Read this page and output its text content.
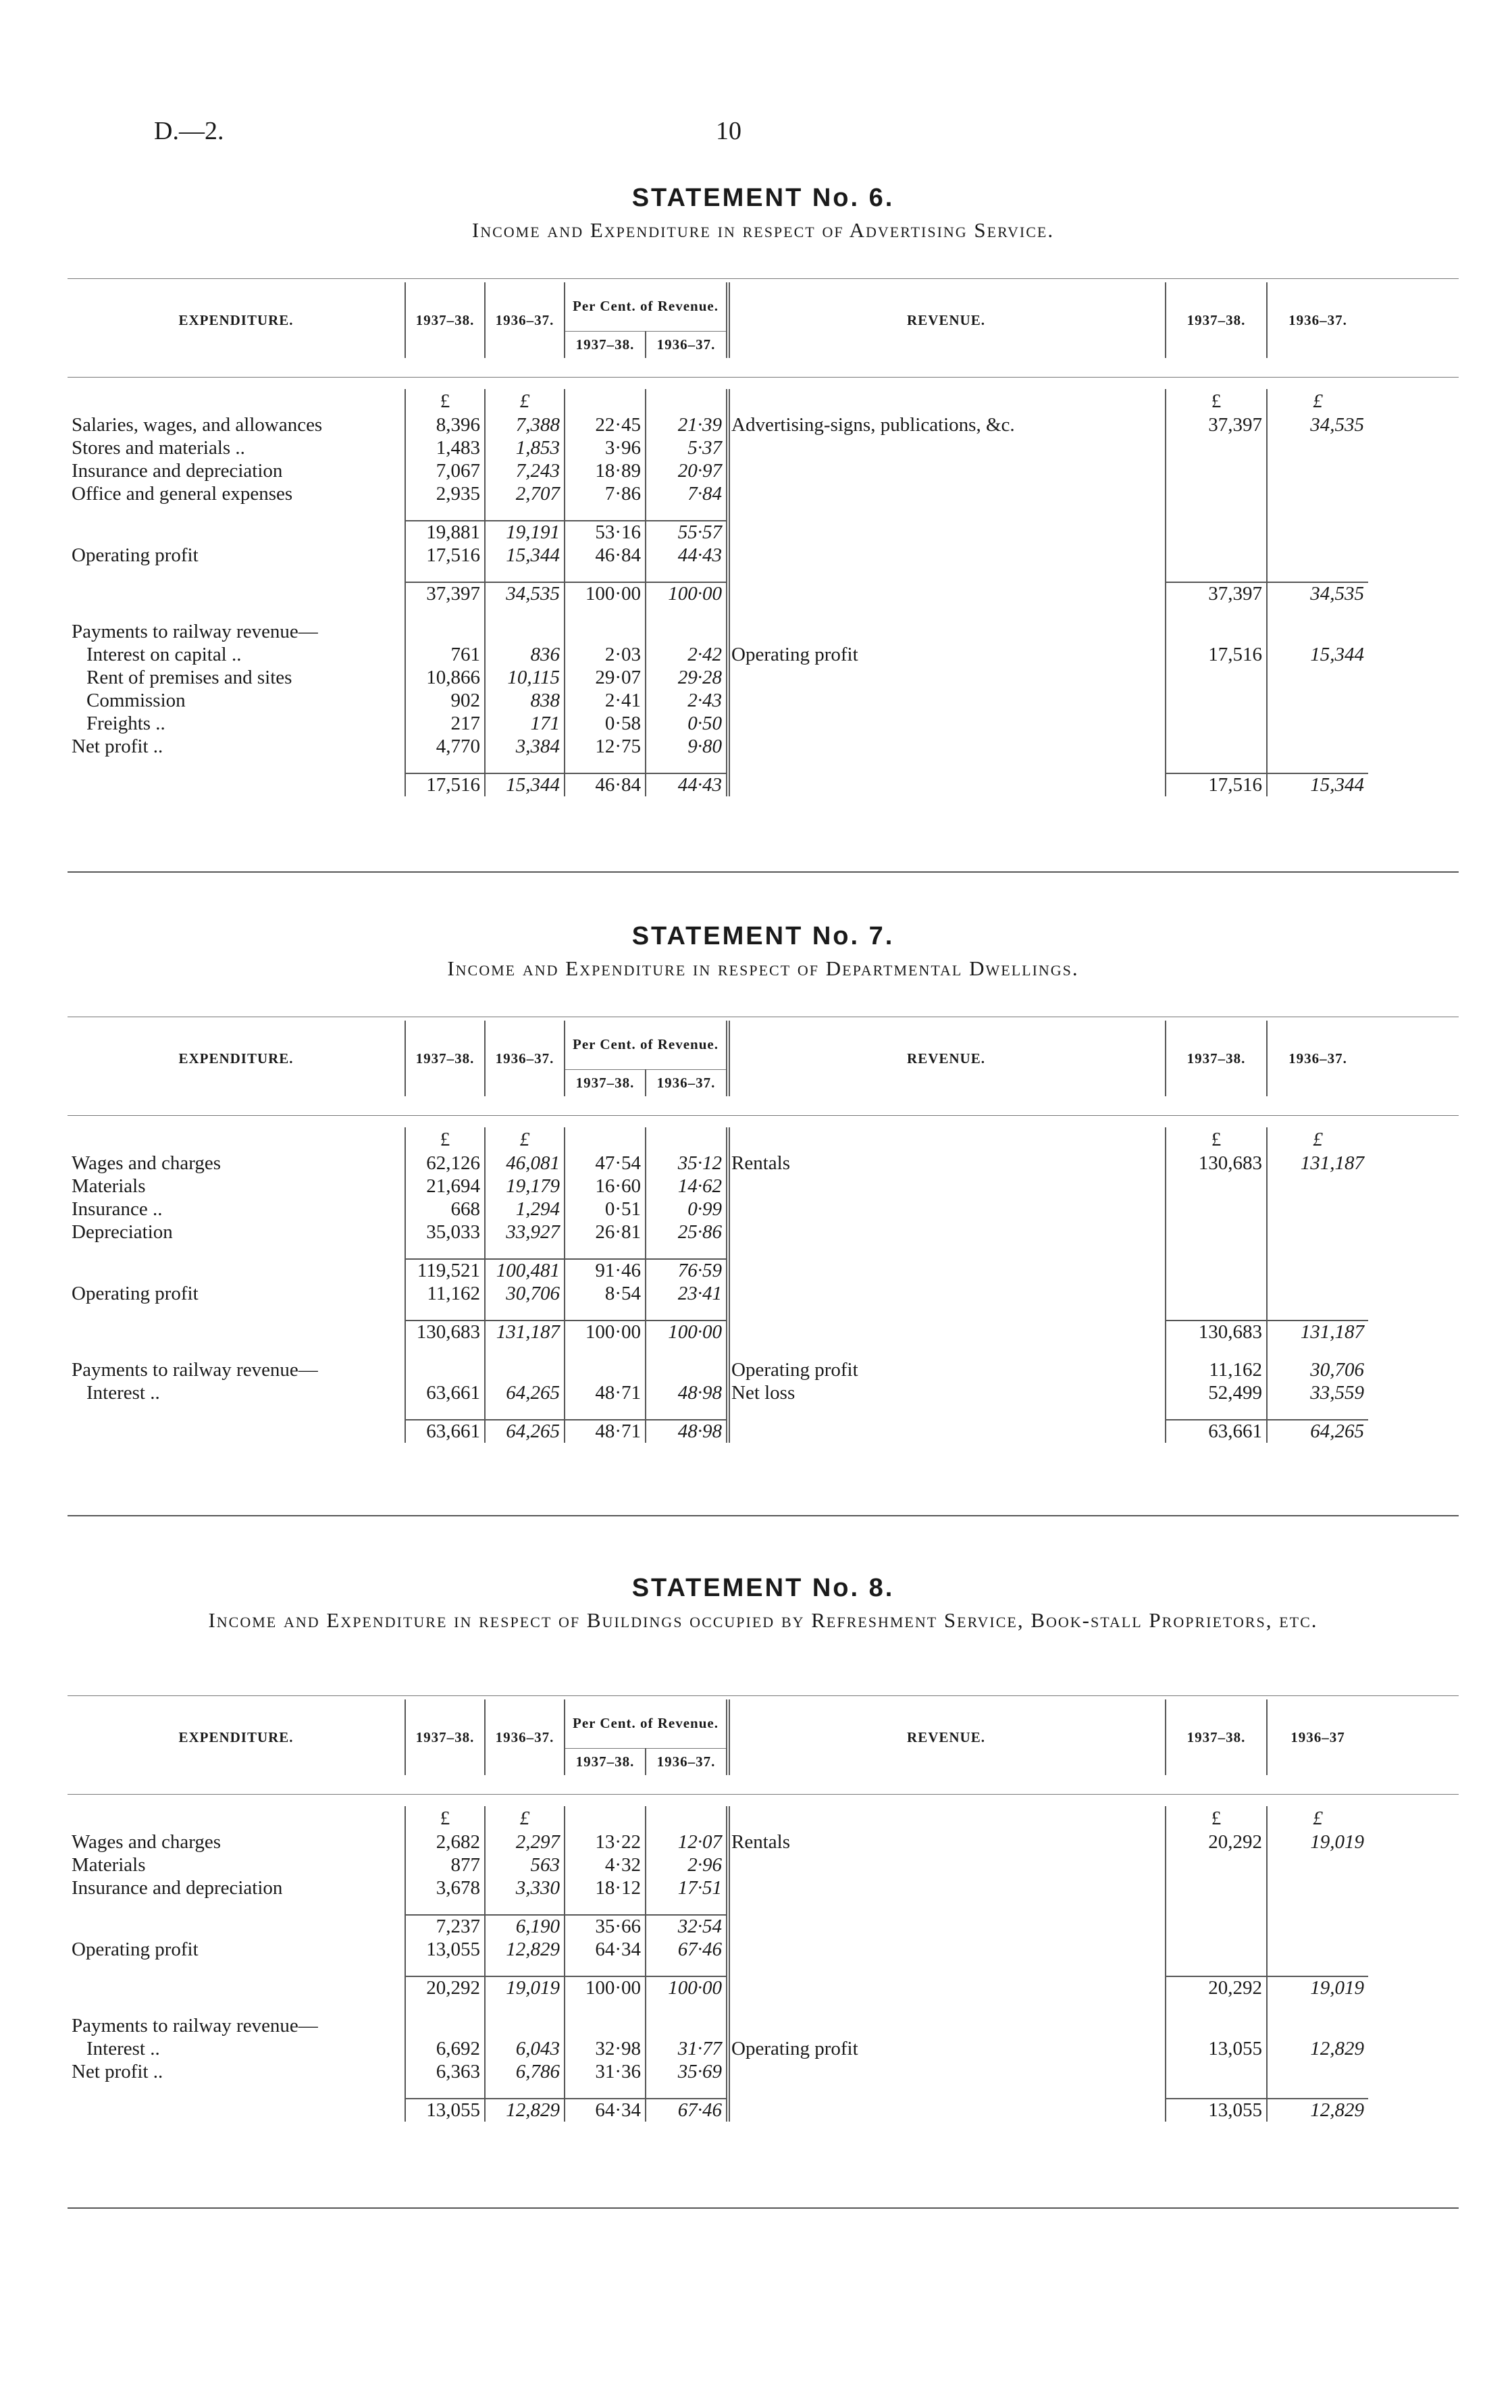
D.—2.	10
STATEMENT No. 6.

Income and Expenditure in respect of Advertising Service.

EXPENDITURE.	1937–38.	1936–37.	Per Cent. of Revenue.		REVENUE.	1937–38.	1936–37.
			1937–38.	1936–37.			
	£	£				£	£
Salaries, wages, and allowances	8,396	7,388	22·45	21·39	Advertising-signs, publications, &c.	37,397	34,535
Stores and materials ..	1,483	1,853	3·96	5·37			
Insurance and depreciation	7,067	7,243	18·89	20·97			
Office and general expenses	2,935	2,707	7·86	7·84			

	19,881	19,191	53·16	55·57			
Operating profit	17,516	15,344	46·84	44·43			

	37,397	34,535	100·00	100·00		37,397	34,535

Payments to railway revenue—							
Interest on capital ..	761	836	2·03	2·42	Operating profit	17,516	15,344
Rent of premises and sites	10,866	10,115	29·07	29·28			
Commission	902	838	2·41	2·43			
Freights ..	217	171	0·58	0·50			
Net profit ..	4,770	3,384	12·75	9·80			

	17,516	15,344	46·84	44·43		17,516	15,344
STATEMENT No. 7.

Income and Expenditure in respect of Departmental Dwellings.

EXPENDITURE.	1937–38.	1936–37.	Per Cent. of Revenue.		REVENUE.	1937–38.	1936–37.
			1937–38.	1936–37.			
	£	£				£	£
Wages and charges	62,126	46,081	47·54	35·12	Rentals	130,683	131,187
Materials	21,694	19,179	16·60	14·62			
Insurance ..	668	1,294	0·51	0·99			
Depreciation	35,033	33,927	26·81	25·86			

	119,521	100,481	91·46	76·59			
Operating profit	11,162	30,706	8·54	23·41			

	130,683	131,187	100·00	100·00		130,683	131,187

Payments to railway revenue—					Operating profit	11,162	30,706
Interest ..	63,661	64,265	48·71	48·98	Net loss	52,499	33,559

	63,661	64,265	48·71	48·98		63,661	64,265
STATEMENT No. 8.

Income and Expenditure in respect of Buildings occupied by Refreshment Service, Book-stall Proprietors, etc.

EXPENDITURE.	1937–38.	1936–37.	Per Cent. of Revenue.		REVENUE.	1937–38.	1936–37
			1937–38.	1936–37.			
	£	£				£	£
Wages and charges	2,682	2,297	13·22	12·07	Rentals	20,292	19,019
Materials	877	563	4·32	2·96			
Insurance and depreciation	3,678	3,330	18·12	17·51			

	7,237	6,190	35·66	32·54			
Operating profit	13,055	12,829	64·34	67·46			

	20,292	19,019	100·00	100·00		20,292	19,019

Payments to railway revenue—							
Interest ..	6,692	6,043	32·98	31·77	Operating profit	13,055	12,829
Net profit ..	6,363	6,786	31·36	35·69			

	13,055	12,829	64·34	67·46		13,055	12,829
